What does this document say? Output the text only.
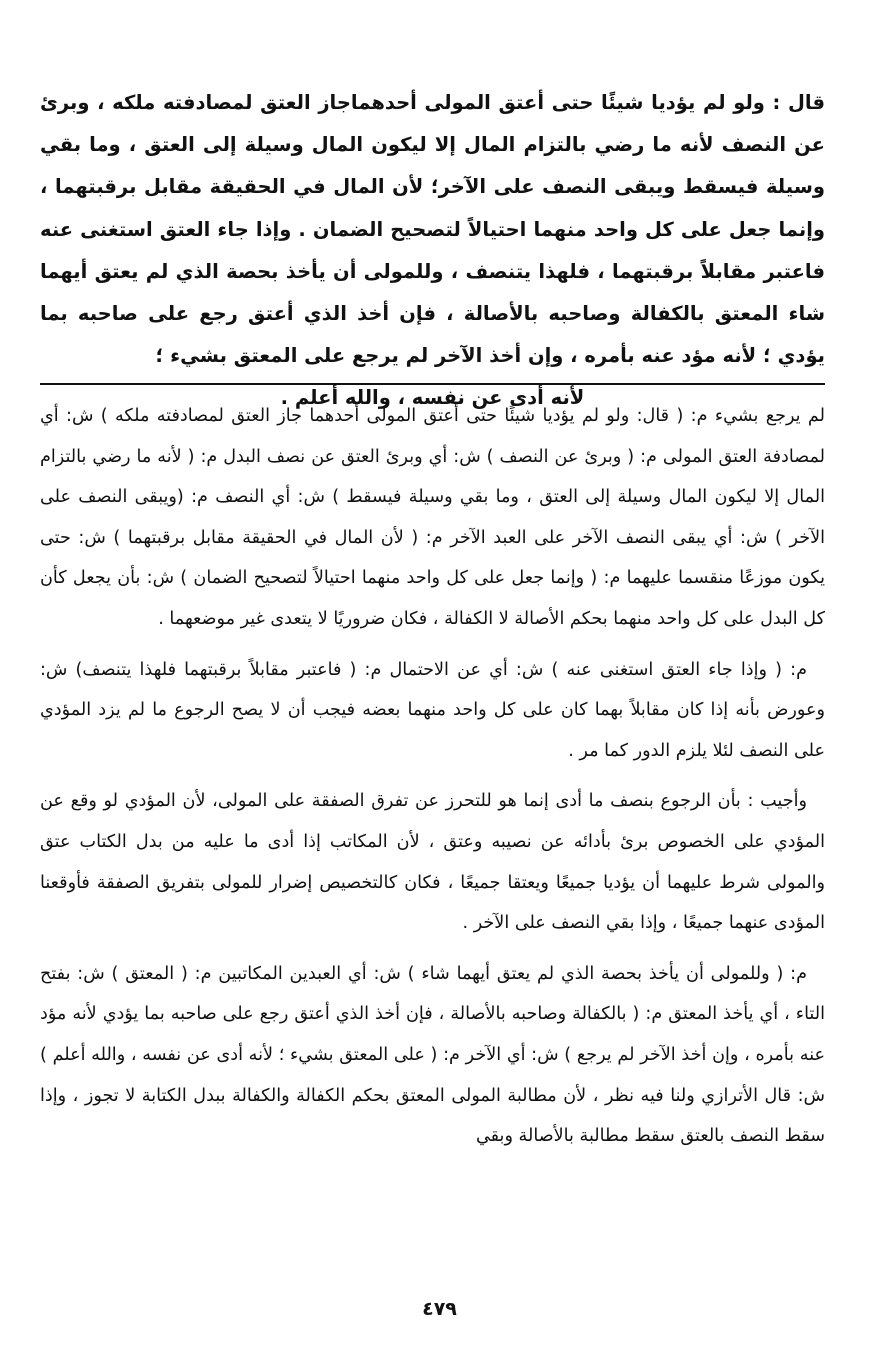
قال : ولو لم يؤديا شيئًا حتى أعتق المولى أحدهماجاز العتق لمصادفته ملكه ، وبرئ عن النصف لأنه ما رضي بالتزام المال إلا ليكون المال وسيلة إلى العتق ، وما بقي وسيلة فيسقط ويبقى النصف على الآخر؛ لأن المال في الحقيقة مقابل برقبتهما ، وإنما جعل على كل واحد منهما احتيالاً لتصحيح الضمان . وإذا جاء العتق استغنى عنه فاعتبر مقابلاً برقبتهما ، فلهذا يتنصف ، وللمولى أن يأخذ بحصة الذي لم يعتق أيهما شاء المعتق بالكفالة وصاحبه بالأصالة ، فإن أخذ الذي أعتق رجع على صاحبه بما يؤدي ؛ لأنه مؤد عنه بأمره ، وإن أخذ الآخر لم يرجع على المعتق بشيء ؛

لأنه أدى عن نفسه ، والله أعلم .

لم يرجع بشيء م: ( قال: ولو لم يؤديا شيئًا حتى أعتق المولى أحدهما جاز العتق لمصادفته ملكه ) ش: أي لمصادفة العتق المولى م: ( وبرئ عن النصف ) ش: أي وبرئ العتق عن نصف البدل م: ( لأنه ما رضي بالتزام المال إلا ليكون المال وسيلة إلى العتق ، وما بقي وسيلة فيسقط ) ش: أي النصف م: (ويبقى النصف على الآخر ) ش: أي يبقى النصف الآخر على العبد الآخر م: ( لأن المال في الحقيقة مقابل برقبتهما ) ش: حتى يكون موزعًا منقسما عليهما م: ( وإنما جعل على كل واحد منهما احتيالاً لتصحيح الضمان ) ش: بأن يجعل كأن كل البدل على كل واحد منهما بحكم الأصالة لا الكفالة ، فكان ضروريًا لا يتعدى غير موضعهما .

م: ( وإذا جاء العتق استغنى عنه ) ش: أي عن الاحتمال م: ( فاعتبر مقابلاً برقبتهما فلهذا يتنصف) ش: وعورض بأنه إذا كان مقابلاً بهما كان على كل واحد منهما بعضه فيجب أن لا يصح الرجوع ما لم يزد المؤدي على النصف لئلا يلزم الدور كما مر .

وأجيب : بأن الرجوع بنصف ما أدى إنما هو للتحرز عن تفرق الصفقة على المولى، لأن المؤدي لو وقع عن المؤدي على الخصوص برئ بأدائه عن نصيبه وعتق ، لأن المكاتب إذا أدى ما عليه من بدل الكتاب عتق والمولى شرط عليهما أن يؤديا جميعًا ويعتقا جميعًا ، فكان كالتخصيص إضرار للمولى بتفريق الصفقة فأوقعنا المؤدى عنهما جميعًا ، وإذا بقي النصف على الآخر .

م: ( وللمولى أن يأخذ بحصة الذي لم يعتق أيهما شاء ) ش: أي العبدين المكاتبين م: ( المعتق ) ش: بفتح التاء ، أي يأخذ المعتق م: ( بالكفالة وصاحبه بالأصالة ، فإن أخذ الذي أعتق رجع على صاحبه بما يؤدي لأنه مؤد عنه بأمره ، وإن أخذ الآخر لم يرجع ) ش: أي الآخر م: ( على المعتق بشيء ؛ لأنه أدى عن نفسه ، والله أعلم ) ش: قال الأترازي ولنا فيه نظر ، لأن مطالبة المولى المعتق بحكم الكفالة والكفالة ببدل الكتابة لا تجوز ، وإذا سقط النصف بالعتق سقط مطالبة بالأصالة وبقي

٤٧٩
